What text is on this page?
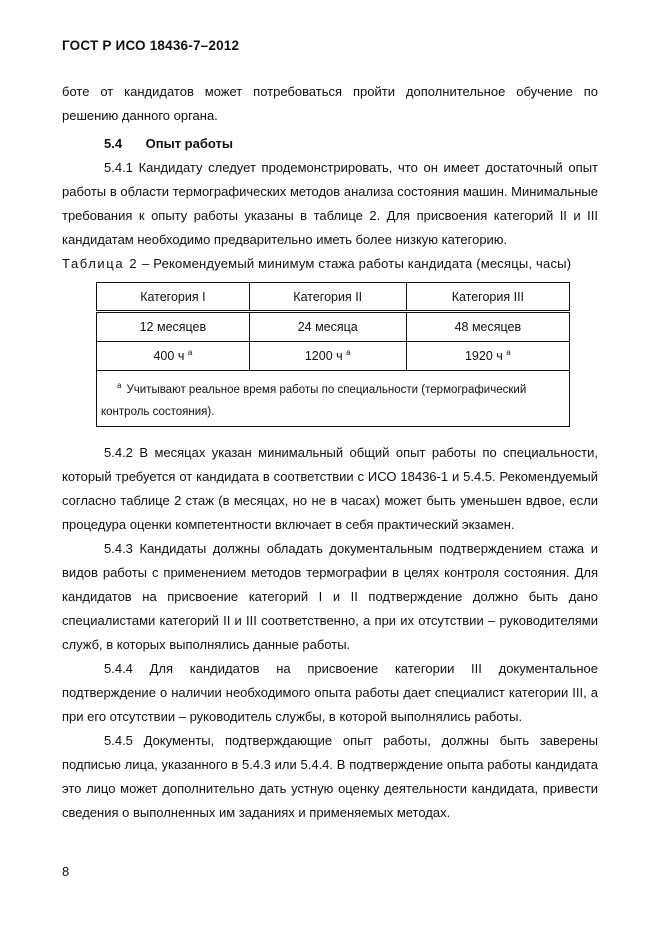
ГОСТ Р ИСО 18436-7–2012

боте от кандидатов может потребоваться пройти дополнительное обучение по решению данного органа.

5.4 Опыт работы

5.4.1 Кандидату следует продемонстрировать, что он имеет достаточный опыт работы в области термографических методов анализа состояния машин. Минимальные требования к опыту работы указаны в таблице 2. Для присвоения категорий II и III кандидатам необходимо предварительно иметь более низкую категорию.

Таблица 2 – Рекомендуемый минимум стажа работы кандидата (месяцы, часы)
Категория I	Категория II	Категория III
12 месяцев	24 месяца	48 месяцев
400 ч $^a$	1200 ч $^a$	1920 ч $^a$
$^a$ Учитывают реальное время работы по специальности (термографический контроль состояния).		

5.4.2 В месяцах указан минимальный общий опыт работы по специальности, который требуется от кандидата в соответствии с ИСО 18436-1 и 5.4.5. Рекомендуемый согласно таблице 2 стаж (в месяцах, но не в часах) может быть уменьшен вдвое, если процедура оценки компетентности включает в себя практический экзамен.

5.4.3 Кандидаты должны обладать документальным подтверждением стажа и видов работы с применением методов термографии в целях контроля состояния. Для кандидатов на присвоение категорий I и II подтверждение должно быть дано специалистами категорий II и III соответственно, а при их отсутствии – руководителями служб, в которых выполнялись данные работы.

5.4.4 Для кандидатов на присвоение категории III документальное подтверждение о наличии необходимого опыта работы дает специалист категории III, а при его отсутствии – руководитель службы, в которой выполнялись работы.

5.4.5 Документы, подтверждающие опыт работы, должны быть заверены подписью лица, указанного в 5.4.3 или 5.4.4. В подтверждение опыта работы кандидата это лицо может дополнительно дать устную оценку деятельности кандидата, привести сведения о выполненных им заданиях и применяемых методах.

8
